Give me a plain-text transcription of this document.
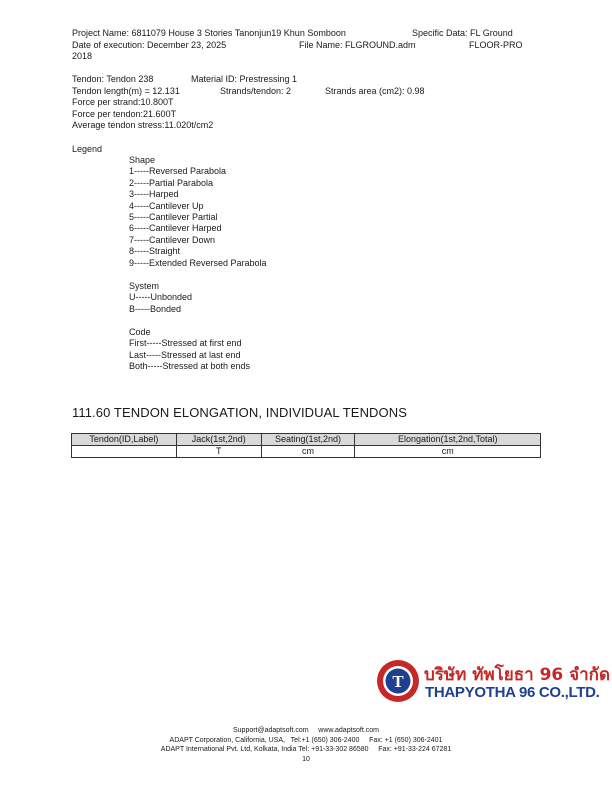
Project Name: 6811079 House 3 Stories Tanonjun19 Khun Somboon	Specific Data: FL Ground
Date of execution: December 23, 2025	File Name: FLGROUND.adm	FLOOR-PRO
2018
Tendon: Tendon 238	Material ID: Prestressing 1
Tendon length(m) = 12.131	Strands/tendon: 2	Strands area (cm2): 0.98
Force per strand:10.800T
Force per tendon:21.600T
Average tendon stress:11.020t/cm2
Legend
Shape
1-----Reversed Parabola
2-----Partial Parabola
3-----Harped
4-----Cantilever Up
5-----Cantilever Partial
6-----Cantilever Harped
7-----Cantilever Down
8-----Straight
9-----Extended Reversed Parabola
System
U-----Unbonded
B-----Bonded
Code
First-----Stressed at first end
Last-----Stressed at last end
Both-----Stressed at both ends
111.60 TENDON ELONGATION, INDIVIDUAL TENDONS
Tendon(ID,Label)	Jack(1st,2nd)	Seating(1st,2nd)	Elongation(1st,2nd,Total)
	T	cm	cm
T บริษัท ทัพโยธา 96 จำกัด
THAPYOTHA 96 CO.,LTD.
Support@adaptsoft.com     www.adaptsoft.com
ADAPT Corporation, California, USA,   Tel:+1 (650) 306-2400     Fax: +1 (650) 306-2401
ADAPT International Pvt. Ltd, Kolkata, India Tel: +91-33-302 86580     Fax: +91-33-224 67281
10
